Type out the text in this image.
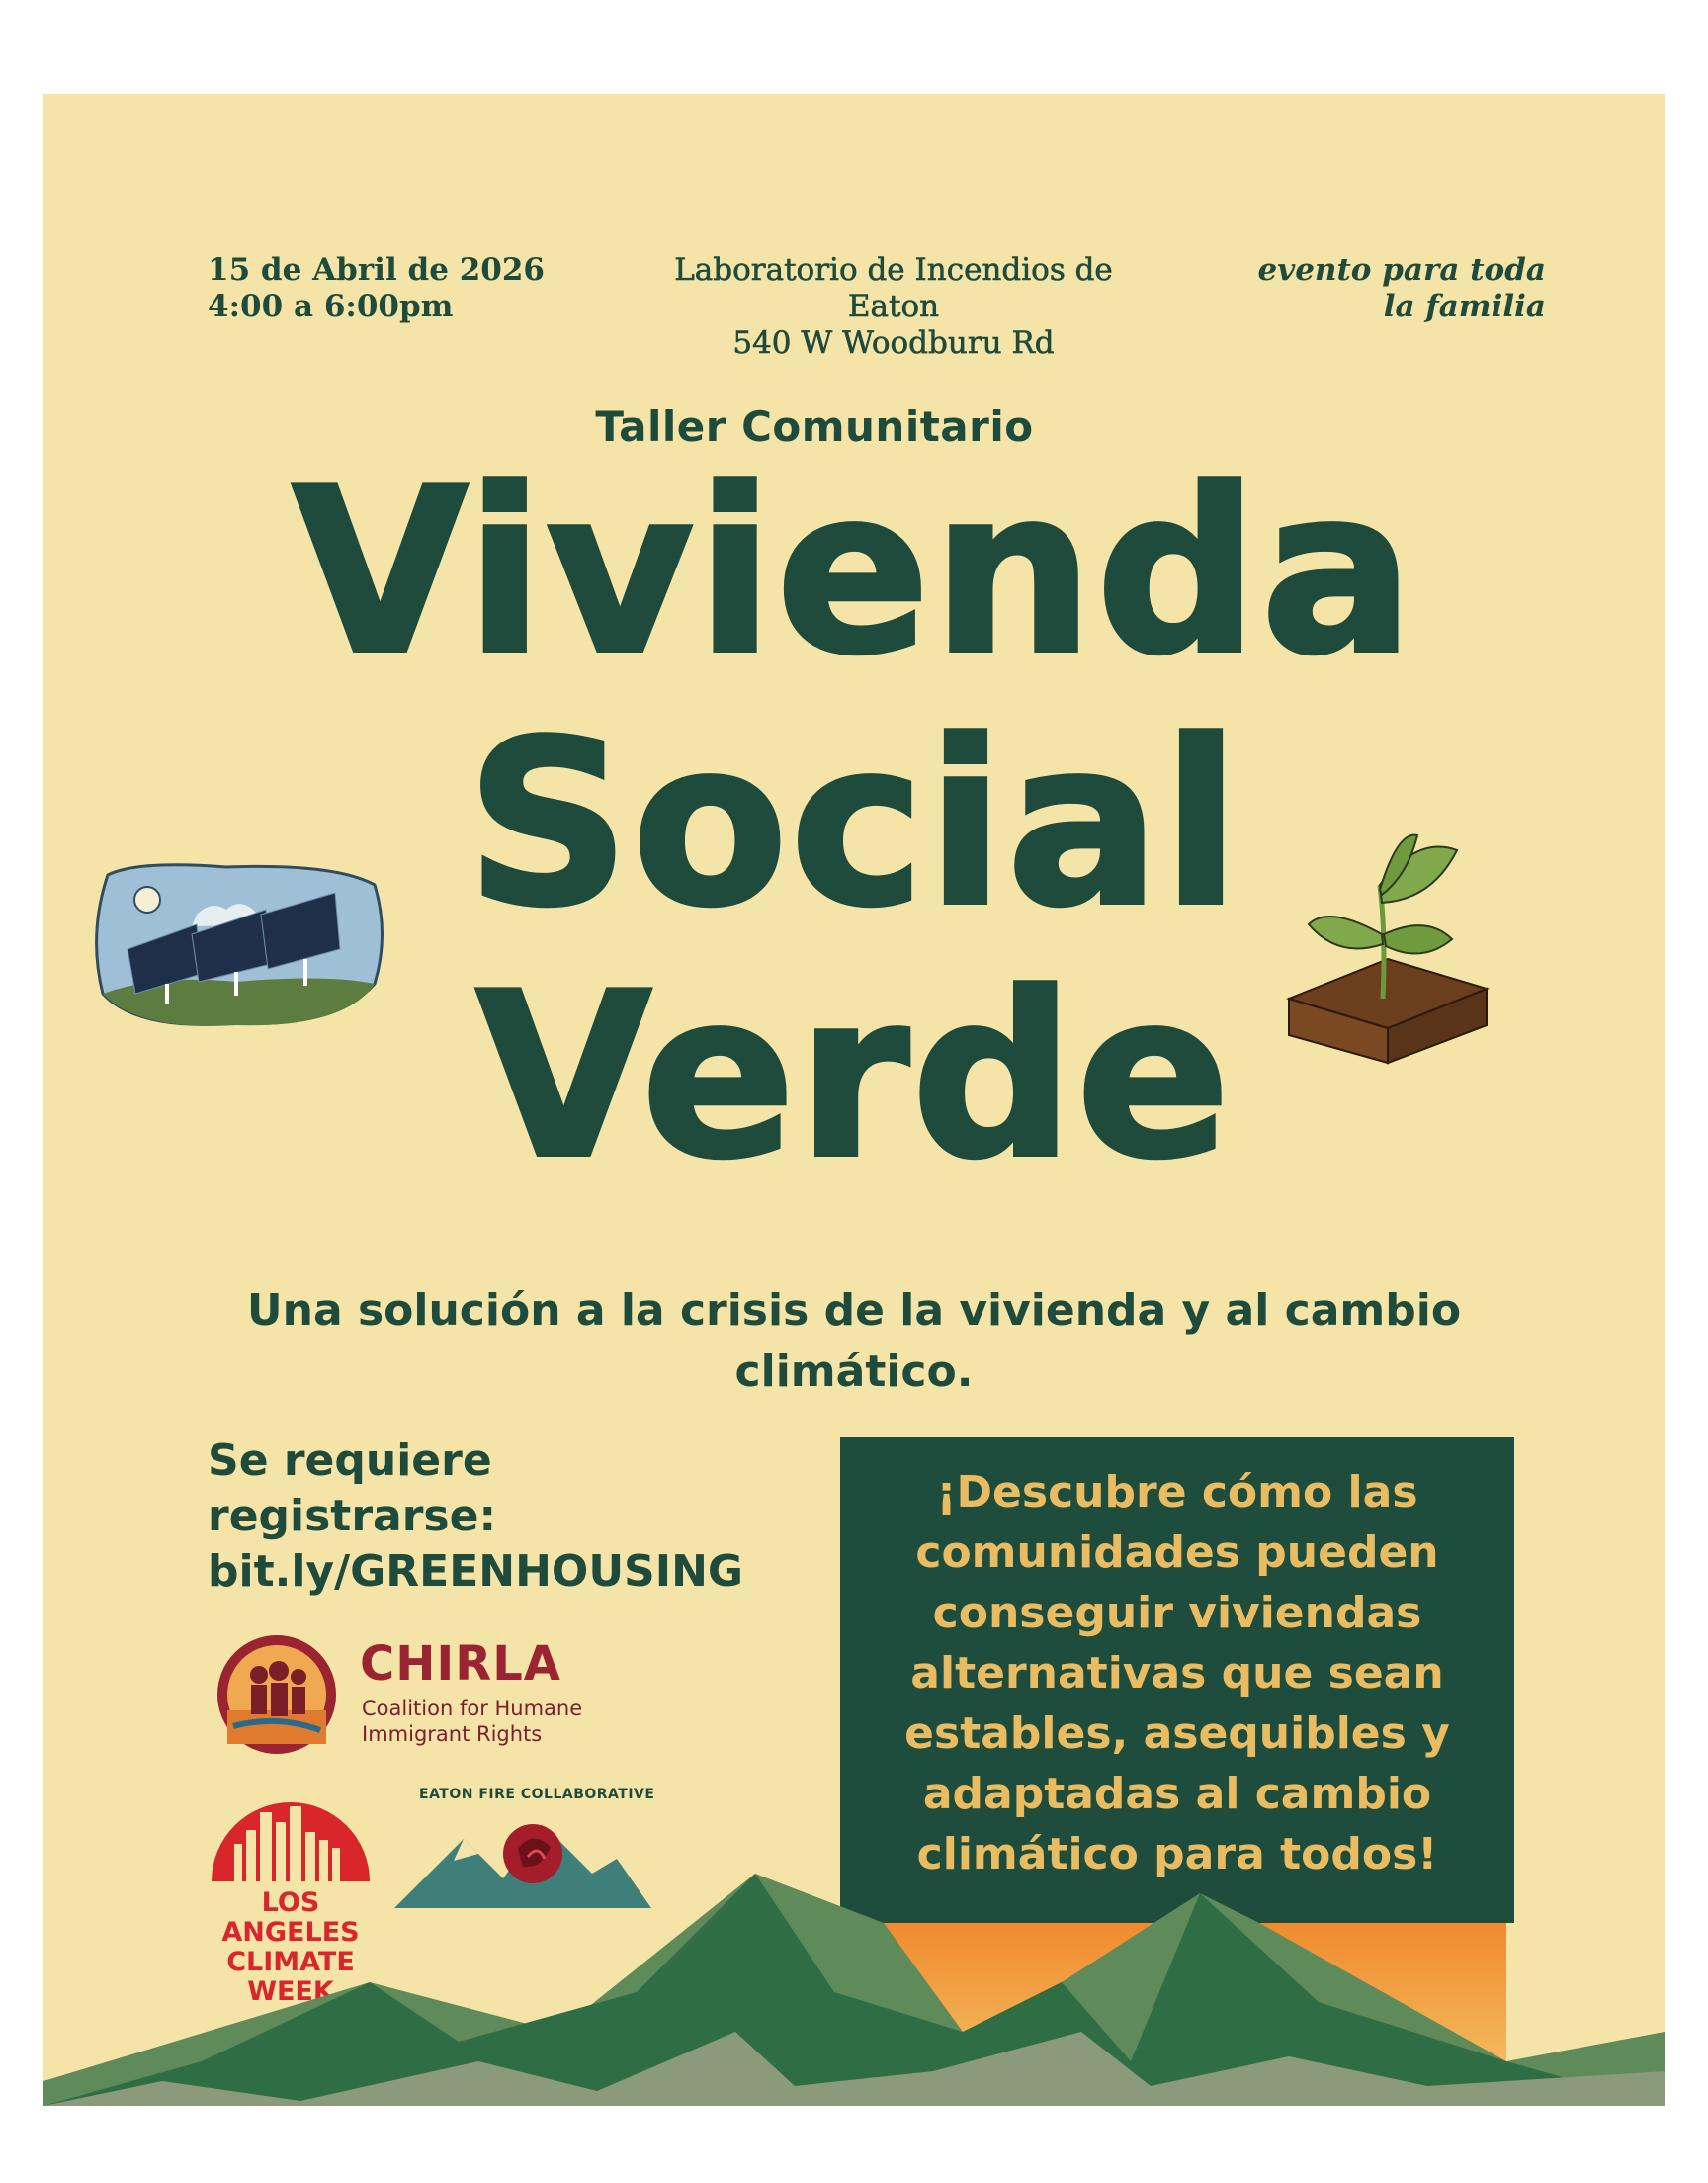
15 de Abril de 2026
4:00 a 6:00pm
Laboratorio de Incendios de
Eaton
540 W Woodburu Rd
evento para toda
la familia
Taller Comunitario
Vivienda
Social
Verde
Una solución a la crisis de la vivienda y al cambio
climático.
Se requiere
registrarse:
bit.ly/GREENHOUSING
¡Descubre cómo las
comunidades pueden
conseguir viviendas
alternativas que sean
estables, asequibles y
adaptadas al cambio
climático para todos!
CHIRLA
Coalition for Humane
Immigrant Rights
LOS ANGELES
CLIMATE WEEK
EATON FIRE COLLABORATIVE
